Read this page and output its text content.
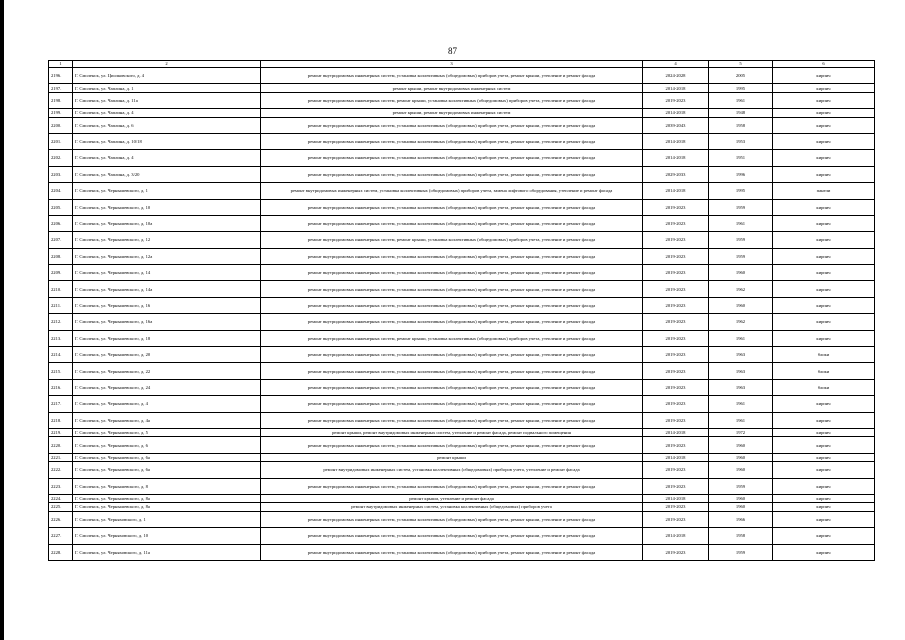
87
1	2	3	4	5	6
2196.	Г. Смоленск, ул. Циолковского, д. 4	ремонт внутридомовых инженерных систем, установка коллективных (общедомовых) приборов учета, ремонт крыши, утепление и ремонт фасада	2024-2028	2005	кирпич
2197.	Г. Смоленск, ул. Чаплина, д. 1	ремонт крыши, ремонт внутридомовых инженерных систем	2014-2018	1995	кирпич
2198.	Г. Смоленск, ул. Чаплина, д. 11а	ремонт внутридомовых инженерных систем, ремонт крыши, установка коллективных (общедомовых) приборов учета, утепление и ремонт фасада	2019-2023	1961	кирпич
2199.	Г. Смоленск, ул. Чаплина, д. 4	ремонт крыши, ремонт внутридомовых инженерных систем	2014-2018	1948	кирпич
2200.	Г. Смоленск, ул. Чаплина, д. 6	ремонт внутридомовых инженерных систем, установка коллективных (общедомовых) приборов учета, ремонт крыши, утепление и ремонт фасада	2039-2043	1958	кирпич
2201.	Г. Смоленск, ул. Чаплина, д. 10/18	ремонт внутридомовых инженерных систем, установка коллективных (общедомовых) приборов учета, ремонт крыши, утепление и ремонт фасада	2014-2018	1953	кирпич
2202.	Г. Смоленск, ул. Чаплина, д. 4	ремонт внутридомовых инженерных систем, установка коллективных (общедомовых) приборов учета, ремонт крыши, утепление и ремонт фасада	2014-2018	1951	кирпич
2203.	Г. Смоленск, ул. Чаплина, д. 3/20	ремонт внутридомовых инженерных систем, установка коллективных (общедомовых) приборов учета, ремонт крыши, утепление и ремонт фасада	2029-2033	1996	кирпич
2204.	Г. Смоленск, ул. Чернышевского, д. 1	ремонт внутридомовых инженерных систем, установка коллективных (общедомовых) приборов учета, замена лифтового оборудования, утепление и ремонт фасада	2014-2018	1995	панели
2205.	Г. Смоленск, ул. Чернышевского, д. 10	ремонт внутридомовых инженерных систем, установка коллективных (общедомовых) приборов учета, ремонт крыши, утепление и ремонт фасада	2019-2023	1959	кирпич
2206.	Г. Смоленск, ул. Чернышевского, д. 10а	ремонт внутридомовых инженерных систем, установка коллективных (общедомовых) приборов учета, ремонт крыши, утепление и ремонт фасада	2019-2023	1961	кирпич
2207.	Г. Смоленск, ул. Чернышевского, д. 12	ремонт внутридомовых инженерных систем, ремонт крыши, установка коллективных (общедомовых) приборов учета, утепление и ремонт фасада	2019-2023	1959	кирпич
2208.	Г. Смоленск, ул. Чернышевского, д. 12а	ремонт внутридомовых инженерных систем, установка коллективных (общедомовых) приборов учета, ремонт крыши, утепление и ремонт фасада	2019-2023	1959	кирпич
2209.	Г. Смоленск, ул. Чернышевского, д. 14	ремонт внутридомовых инженерных систем, установка коллективных (общедомовых) приборов учета, ремонт крыши, утепление и ремонт фасада	2019-2023	1960	кирпич
2210.	Г. Смоленск, ул. Чернышевского, д. 14а	ремонт внутридомовых инженерных систем, установка коллективных (общедомовых) приборов учета, ремонт крыши, утепление и ремонт фасада	2019-2023	1962	кирпич
2211.	Г. Смоленск, ул. Чернышевского, д. 16	ремонт внутридомовых инженерных систем, установка коллективных (общедомовых) приборов учета, ремонт крыши, утепление и ремонт фасада	2019-2023	1960	кирпич
2212.	Г. Смоленск, ул. Чернышевского, д. 16а	ремонт внутридомовых инженерных систем, установка коллективных (общедомовых) приборов учета, ремонт крыши, утепление и ремонт фасада	2019-2023	1962	кирпич
2213.	Г. Смоленск, ул. Чернышевского, д. 18	ремонт внутридомовых инженерных систем, ремонт крыши, установка коллективных (общедомовых) приборов учета, утепление и ремонт фасада	2019-2023	1961	кирпич
2214.	Г. Смоленск, ул. Чернышевского, д. 20	ремонт внутридомовых инженерных систем, установка коллективных (общедомовых) приборов учета, ремонт крыши, утепление и ремонт фасада	2019-2023	1963	блоки
2215.	Г. Смоленск, ул. Чернышевского, д. 22	ремонт внутридомовых инженерных систем, установка коллективных (общедомовых) приборов учета, ремонт крыши, утепление и ремонт фасада	2019-2023	1963	блоки
2216.	Г. Смоленск, ул. Чернышевского, д. 24	ремонт внутридомовых инженерных систем, установка коллективных (общедомовых) приборов учета, ремонт крыши, утепление и ремонт фасада	2019-2023	1963	блоки
2217.	Г. Смоленск, ул. Чернышевского, д. 4	ремонт внутридомовых инженерных систем, установка коллективных (общедомовых) приборов учета, ремонт крыши, утепление и ремонт фасада	2019-2023	1961	кирпич
2218.	Г. Смоленск, ул. Чернышевского, д. 4а	ремонт внутридомовых инженерных систем, установка коллективных (общедомовых) приборов учета, ремонт крыши, утепление и ремонт фасада	2019-2023	1961	кирпич
2219.	Г. Смоленск, ул. Чернышевского, д. 5	ремонт крыши, ремонт внутридомовых инженерных систем, утепление и ремонт фасада, ремонт подвального помещения	2014-2018	1972	кирпич
2220.	Г. Смоленск, ул. Чернышевского, д. 6	ремонт внутридомовых инженерных систем, установка коллективных (общедомовых) приборов учета, ремонт крыши, утепление и ремонт фасада	2019-2023	1960	кирпич
2221.	Г. Смоленск, ул. Чернышевского, д. 6а	ремонт крыши	2014-2018	1960	кирпич
2222.	Г. Смоленск, ул. Чернышевского, д. 6а	ремонт внутридомовых инженерных систем, установка коллективных (общедомовых) приборов учета, утепление и ремонт фасада	2019-2023	1960	кирпич
2223.	Г. Смоленск, ул. Чернышевского, д. 8	ремонт внутридомовых инженерных систем, установка коллективных (общедомовых) приборов учета, ремонт крыши, утепление и ремонт фасада	2019-2023	1959	кирпич
2224.	Г. Смоленск, ул. Чернышевского, д. 8а	ремонт крыши, утепление и ремонт фасада	2014-2018	1960	кирпич
2225.	Г. Смоленск, ул. Чернышевского, д. 8а	ремонт внутридомовых инженерных систем, установка коллективных (общедомовых) приборов учета	2019-2023	1960	кирпич
2226.	Г. Смоленск, ул. Черняховского, д. 1	ремонт внутридомовых инженерных систем, установка коллективных (общедомовых) приборов учета, ремонт крыши, утепление и ремонт фасада	2019-2023	1966	кирпич
2227.	Г. Смоленск, ул. Черняховского, д. 10	ремонт внутридомовых инженерных систем, установка коллективных (общедомовых) приборов учета, ремонт крыши, утепление и ремонт фасада	2014-2018	1958	кирпич
2228.	Г. Смоленск, ул. Черняховского, д. 11а	ремонт внутридомовых инженерных систем, установка коллективных (общедомовых) приборов учета, ремонт крыши, утепление и ремонт фасада	2019-2023	1959	кирпич
